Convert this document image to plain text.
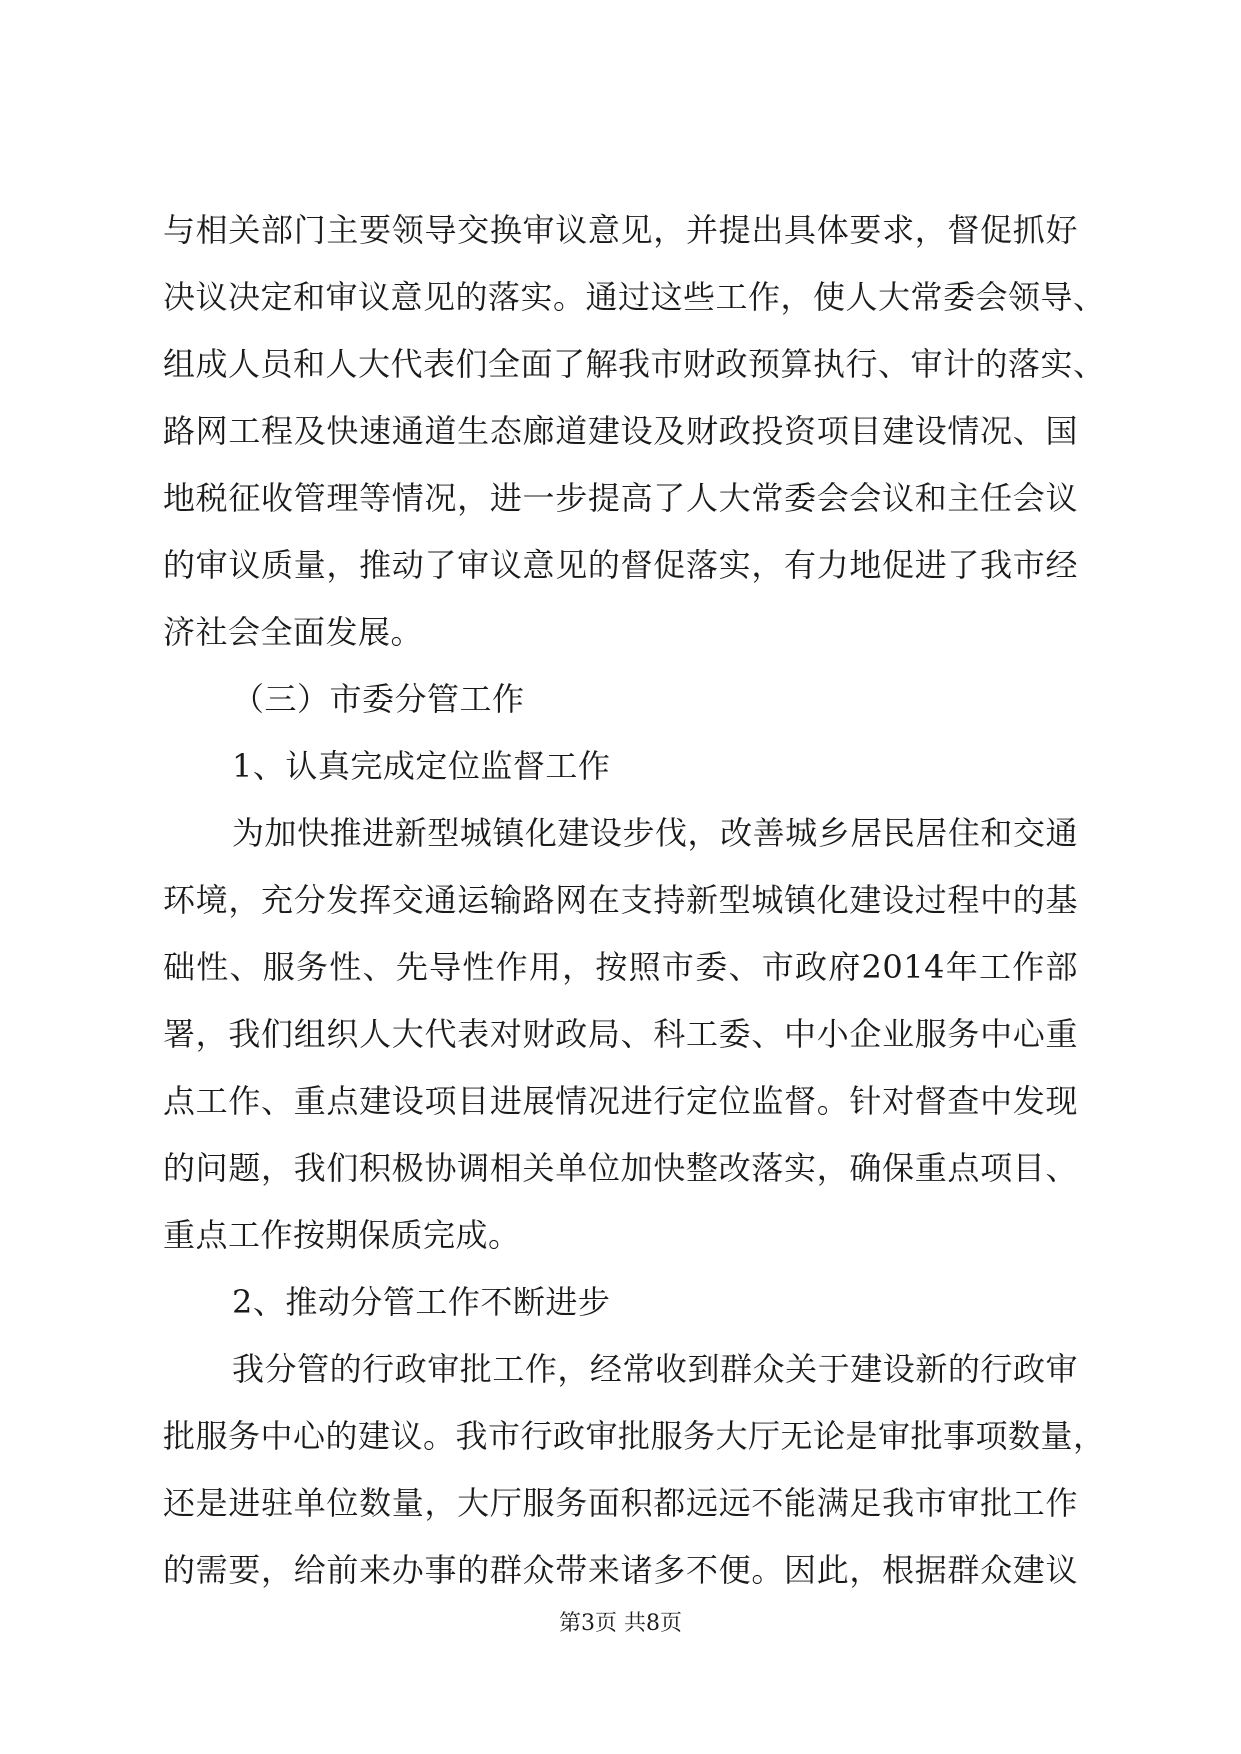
与相关部门主要领导交换审议意见，并提出具体要求，督促抓好
决议决定和审议意见的落实。通过这些工作，使人大常委会领导、
组成人员和人大代表们全面了解我市财政预算执行、审计的落实、
路网工程及快速通道生态廊道建设及财政投资项目建设情况、国
地税征收管理等情况，进一步提高了人大常委会会议和主任会议
的审议质量，推动了审议意见的督促落实，有力地促进了我市经
济社会全面发展。
（三）市委分管工作
1、认真完成定位监督工作
为加快推进新型城镇化建设步伐，改善城乡居民居住和交通
环境，充分发挥交通运输路网在支持新型城镇化建设过程中的基
础性、服务性、先导性作用，按照市委、市政府2014年工作部
署，我们组织人大代表对财政局、科工委、中小企业服务中心重
点工作、重点建设项目进展情况进行定位监督。针对督查中发现
的问题，我们积极协调相关单位加快整改落实，确保重点项目、
重点工作按期保质完成。
2、推动分管工作不断进步
我分管的行政审批工作，经常收到群众关于建设新的行政审
批服务中心的建议。我市行政审批服务大厅无论是审批事项数量，
还是进驻单位数量，大厅服务面积都远远不能满足我市审批工作
的需要，给前来办事的群众带来诸多不便。因此，根据群众建议
第3页 共8页
